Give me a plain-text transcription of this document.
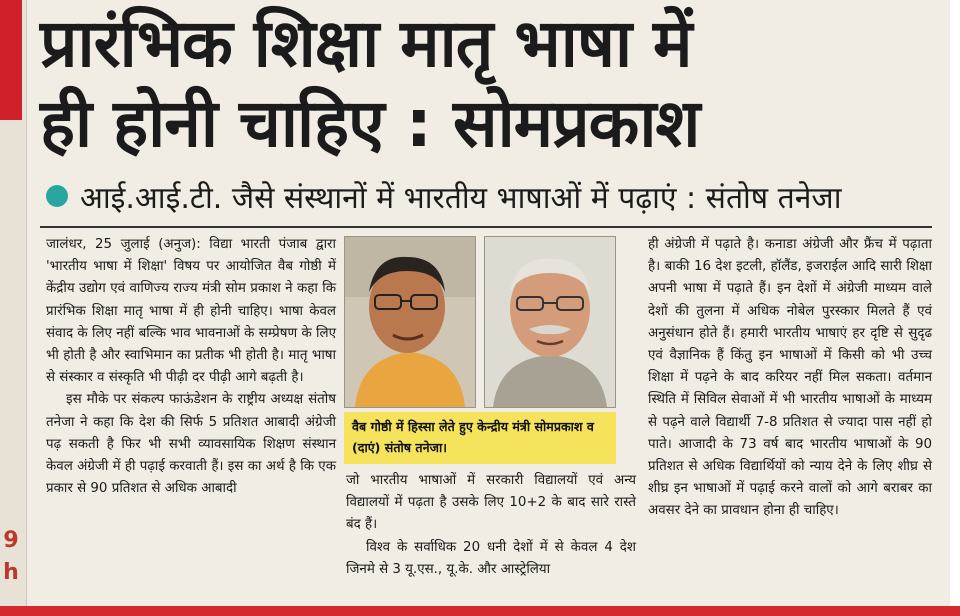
9
h
प्रारंभिक शिक्षा मातृ भाषा में
ही होनी चाहिए : सोमप्रकाश
आई.आई.टी. जैसे संस्थानों में भारतीय भाषाओं में पढ़ाएं : संतोष तनेजा

जालंधर, 25 जुलाई (अनुज): विद्या भारती पंजाब द्वारा 'भारतीय भाषा में शिक्षा' विषय पर आयोजित वैब गोष्ठी में केंद्रीय उद्योग एवं वाणिज्य राज्य मंत्री सोम प्रकाश ने कहा कि प्रारंभिक शिक्षा मातृ भाषा में ही होनी चाहिए। भाषा केवल संवाद के लिए नहीं बल्कि भाव भावनाओं के सम्प्रेषण के लिए भी होती है और स्वाभिमान का प्रतीक भी होती है। मातृ भाषा से संस्कार व संस्कृति भी पीढ़ी दर पीढ़ी आगे बढ़ती है।

इस मौके पर संकल्प फाऊंडेशन के राष्ट्रीय अध्यक्ष संतोष तनेजा ने कहा कि देश की सिर्फ 5 प्रतिशत आबादी अंग्रेजी पढ़ सकती है फिर भी सभी व्यावसायिक शिक्षण संस्थान केवल अंग्रेजी में ही पढ़ाई करवाती हैं। इस का अर्थ है कि एक प्रकार से 90 प्रतिशत से अधिक आबादी

वैब गोष्ठी में हिस्सा लेते हुए केन्द्रीय मंत्री सोमप्रकाश व (दाएं) संतोष तनेजा।

जो भारतीय भाषाओं में सरकारी विद्यालयों एवं अन्य विद्यालयों में पढ़ता है उसके लिए 10+2 के बाद सारे रास्ते बंद हैं।

विश्व के सर्वाधिक 20 धनी देशों में से केवल 4 देश जिनमे से 3 यू.एस., यू.के. और आस्ट्रेलिया

ही अंग्रेजी में पढ़ाते है। कनाडा अंग्रेजी और फ्रैंच में पढ़ाता है। बाकी 16 देश इटली, हॉलैंड, इजराईल आदि सारी शिक्षा अपनी भाषा में पढ़ाते हैं। इन देशों में अंग्रेजी माध्यम वाले देशों की तुलना में अधिक नोबेल पुरस्कार मिलते हैं एवं अनुसंधान होते हैं। हमारी भारतीय भाषाएं हर दृष्टि से सुदृढ एवं वैज्ञानिक हैं किंतु इन भाषाओं में किसी को भी उच्च शिक्षा में पढ़ने के बाद करियर नहीं मिल सकता। वर्तमान स्थिति में सिविल सेवाओं में भी भारतीय भाषाओं के माध्यम से पढ़ने वाले विद्यार्थी 7-8 प्रतिशत से ज्यादा पास नहीं हो पाते। आजादी के 73 वर्ष बाद भारतीय भाषाओं के 90 प्रतिशत से अधिक विद्यार्थियों को न्याय देने के लिए शीघ्र से शीघ्र इन भाषाओं में पढ़ाई करने वालों को आगे बराबर का अवसर देने का प्रावधान होना ही चाहिए।
